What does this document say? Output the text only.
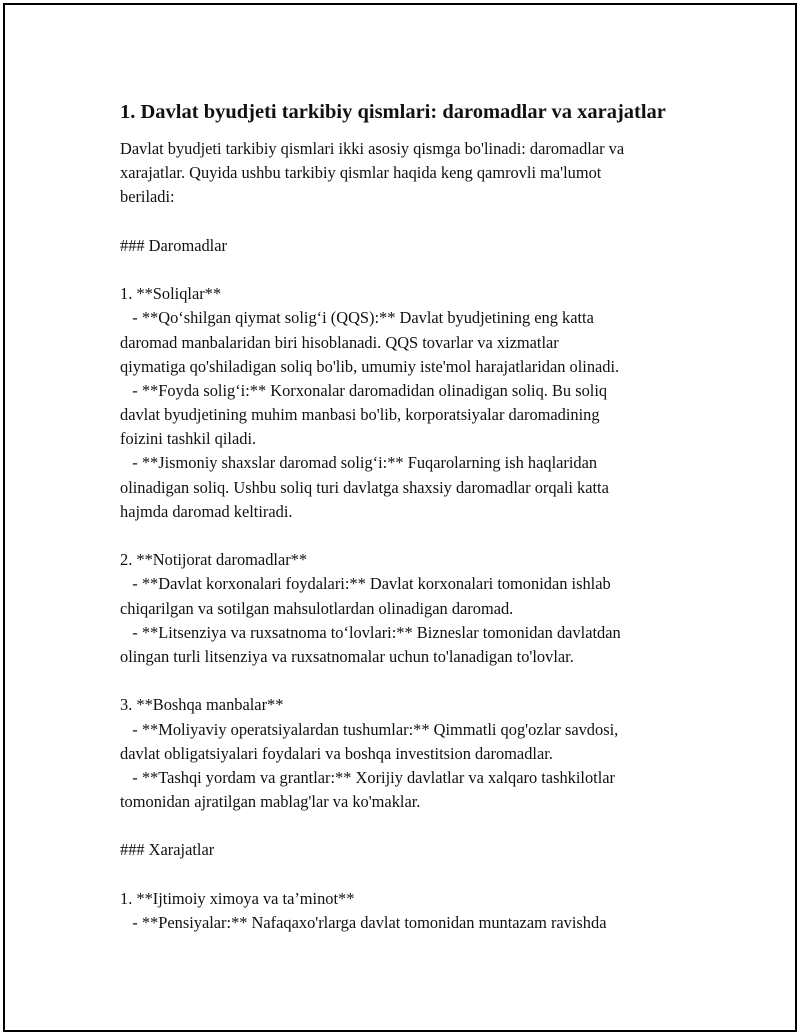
1. Davlat byudjeti tarkibiy qismlari: daromadlar va xarajatlar
Davlat byudjeti tarkibiy qismlari ikki asosiy qismga bo'linadi: daromadlar va
xarajatlar. Quyida ushbu tarkibiy qismlar haqida keng qamrovli ma'lumot
beriladi:
### Daromadlar
1. **Soliqlar**
- **Qo‘shilgan qiymat solig‘i (QQS):** Davlat byudjetining eng katta
daromad manbalaridan biri hisoblanadi. QQS tovarlar va xizmatlar
qiymatiga qo'shiladigan soliq bo'lib, umumiy iste'mol harajatlaridan olinadi.
- **Foyda solig‘i:** Korxonalar daromadidan olinadigan soliq. Bu soliq
davlat byudjetining muhim manbasi bo'lib, korporatsiyalar daromadining
foizini tashkil qiladi.
- **Jismoniy shaxslar daromad solig‘i:** Fuqarolarning ish haqlaridan
olinadigan soliq. Ushbu soliq turi davlatga shaxsiy daromadlar orqali katta
hajmda daromad keltiradi.
2. **Notijorat daromadlar**
- **Davlat korxonalari foydalari:** Davlat korxonalari tomonidan ishlab
chiqarilgan va sotilgan mahsulotlardan olinadigan daromad.
- **Litsenziya va ruxsatnoma to‘lovlari:** Bizneslar tomonidan davlatdan
olingan turli litsenziya va ruxsatnomalar uchun to'lanadigan to'lovlar.
3. **Boshqa manbalar**
- **Moliyaviy operatsiyalardan tushumlar:** Qimmatli qog'ozlar savdosi,
davlat obligatsiyalari foydalari va boshqa investitsion daromadlar.
- **Tashqi yordam va grantlar:** Xorijiy davlatlar va xalqaro tashkilotlar
tomonidan ajratilgan mablag'lar va ko'maklar.
### Xarajatlar
1. **Ijtimoiy ximoya va ta’minot**
- **Pensiyalar:** Nafaqaxo'rlarga davlat tomonidan muntazam ravishda
